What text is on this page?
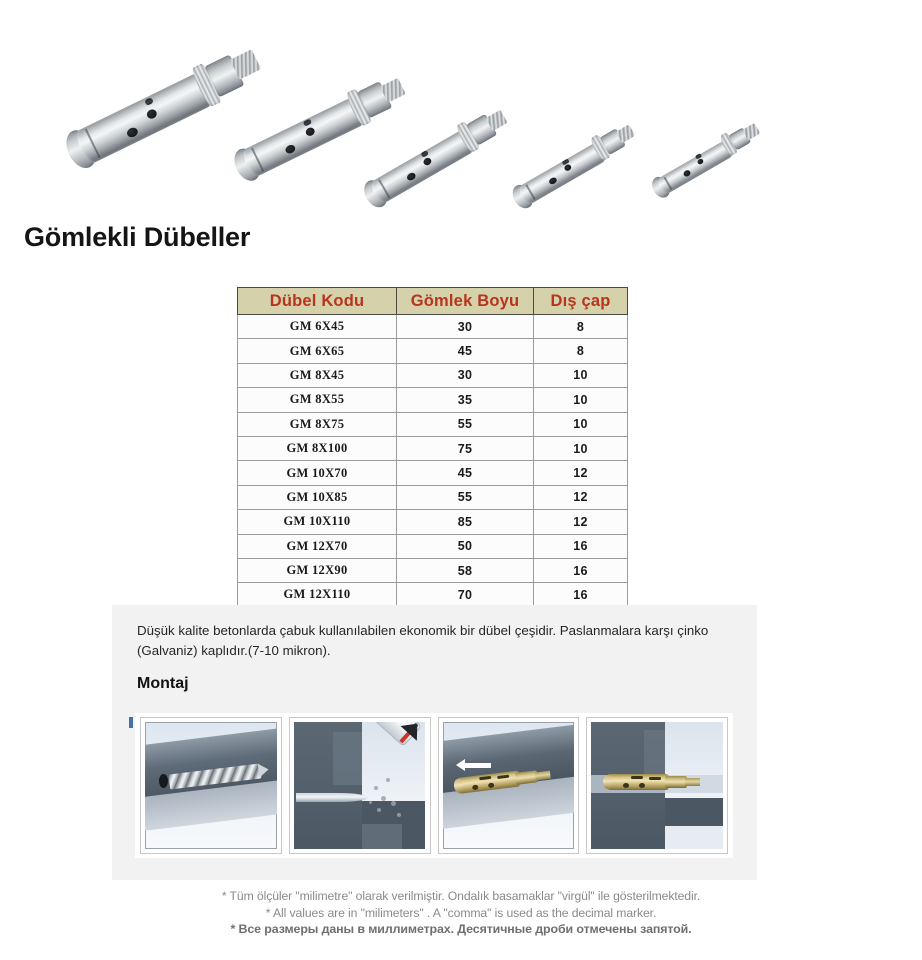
Gömlekli Dübeller
Dübel Kodu	Gömlek Boyu	Dış çap
GM 6X45	30	8
GM 6X65	45	8
GM 8X45	30	10
GM 8X55	35	10
GM 8X75	55	10
GM 8X100	75	10
GM 10X70	45	12
GM 10X85	55	12
GM 10X110	85	12
GM 12X70	50	16
GM 12X90	58	16
GM 12X110	70	16
Düşük kalite betonlarda çabuk kullanılabilen ekonomik bir dübel çeşidir. Paslanmalara karşı çinko (Galvaniz) kaplıdır.(7-10 mikron).
Montaj
* Tüm ölçüler "milimetre" olarak verilmiştir. Ondalık basamaklar "virgül" ile gösterilmektedir.
* All values are in "milimeters" . A "comma" is used as the decimal marker.
* Все размеры даны в миллиметрах. Десятичные дроби отмечены запятой.
